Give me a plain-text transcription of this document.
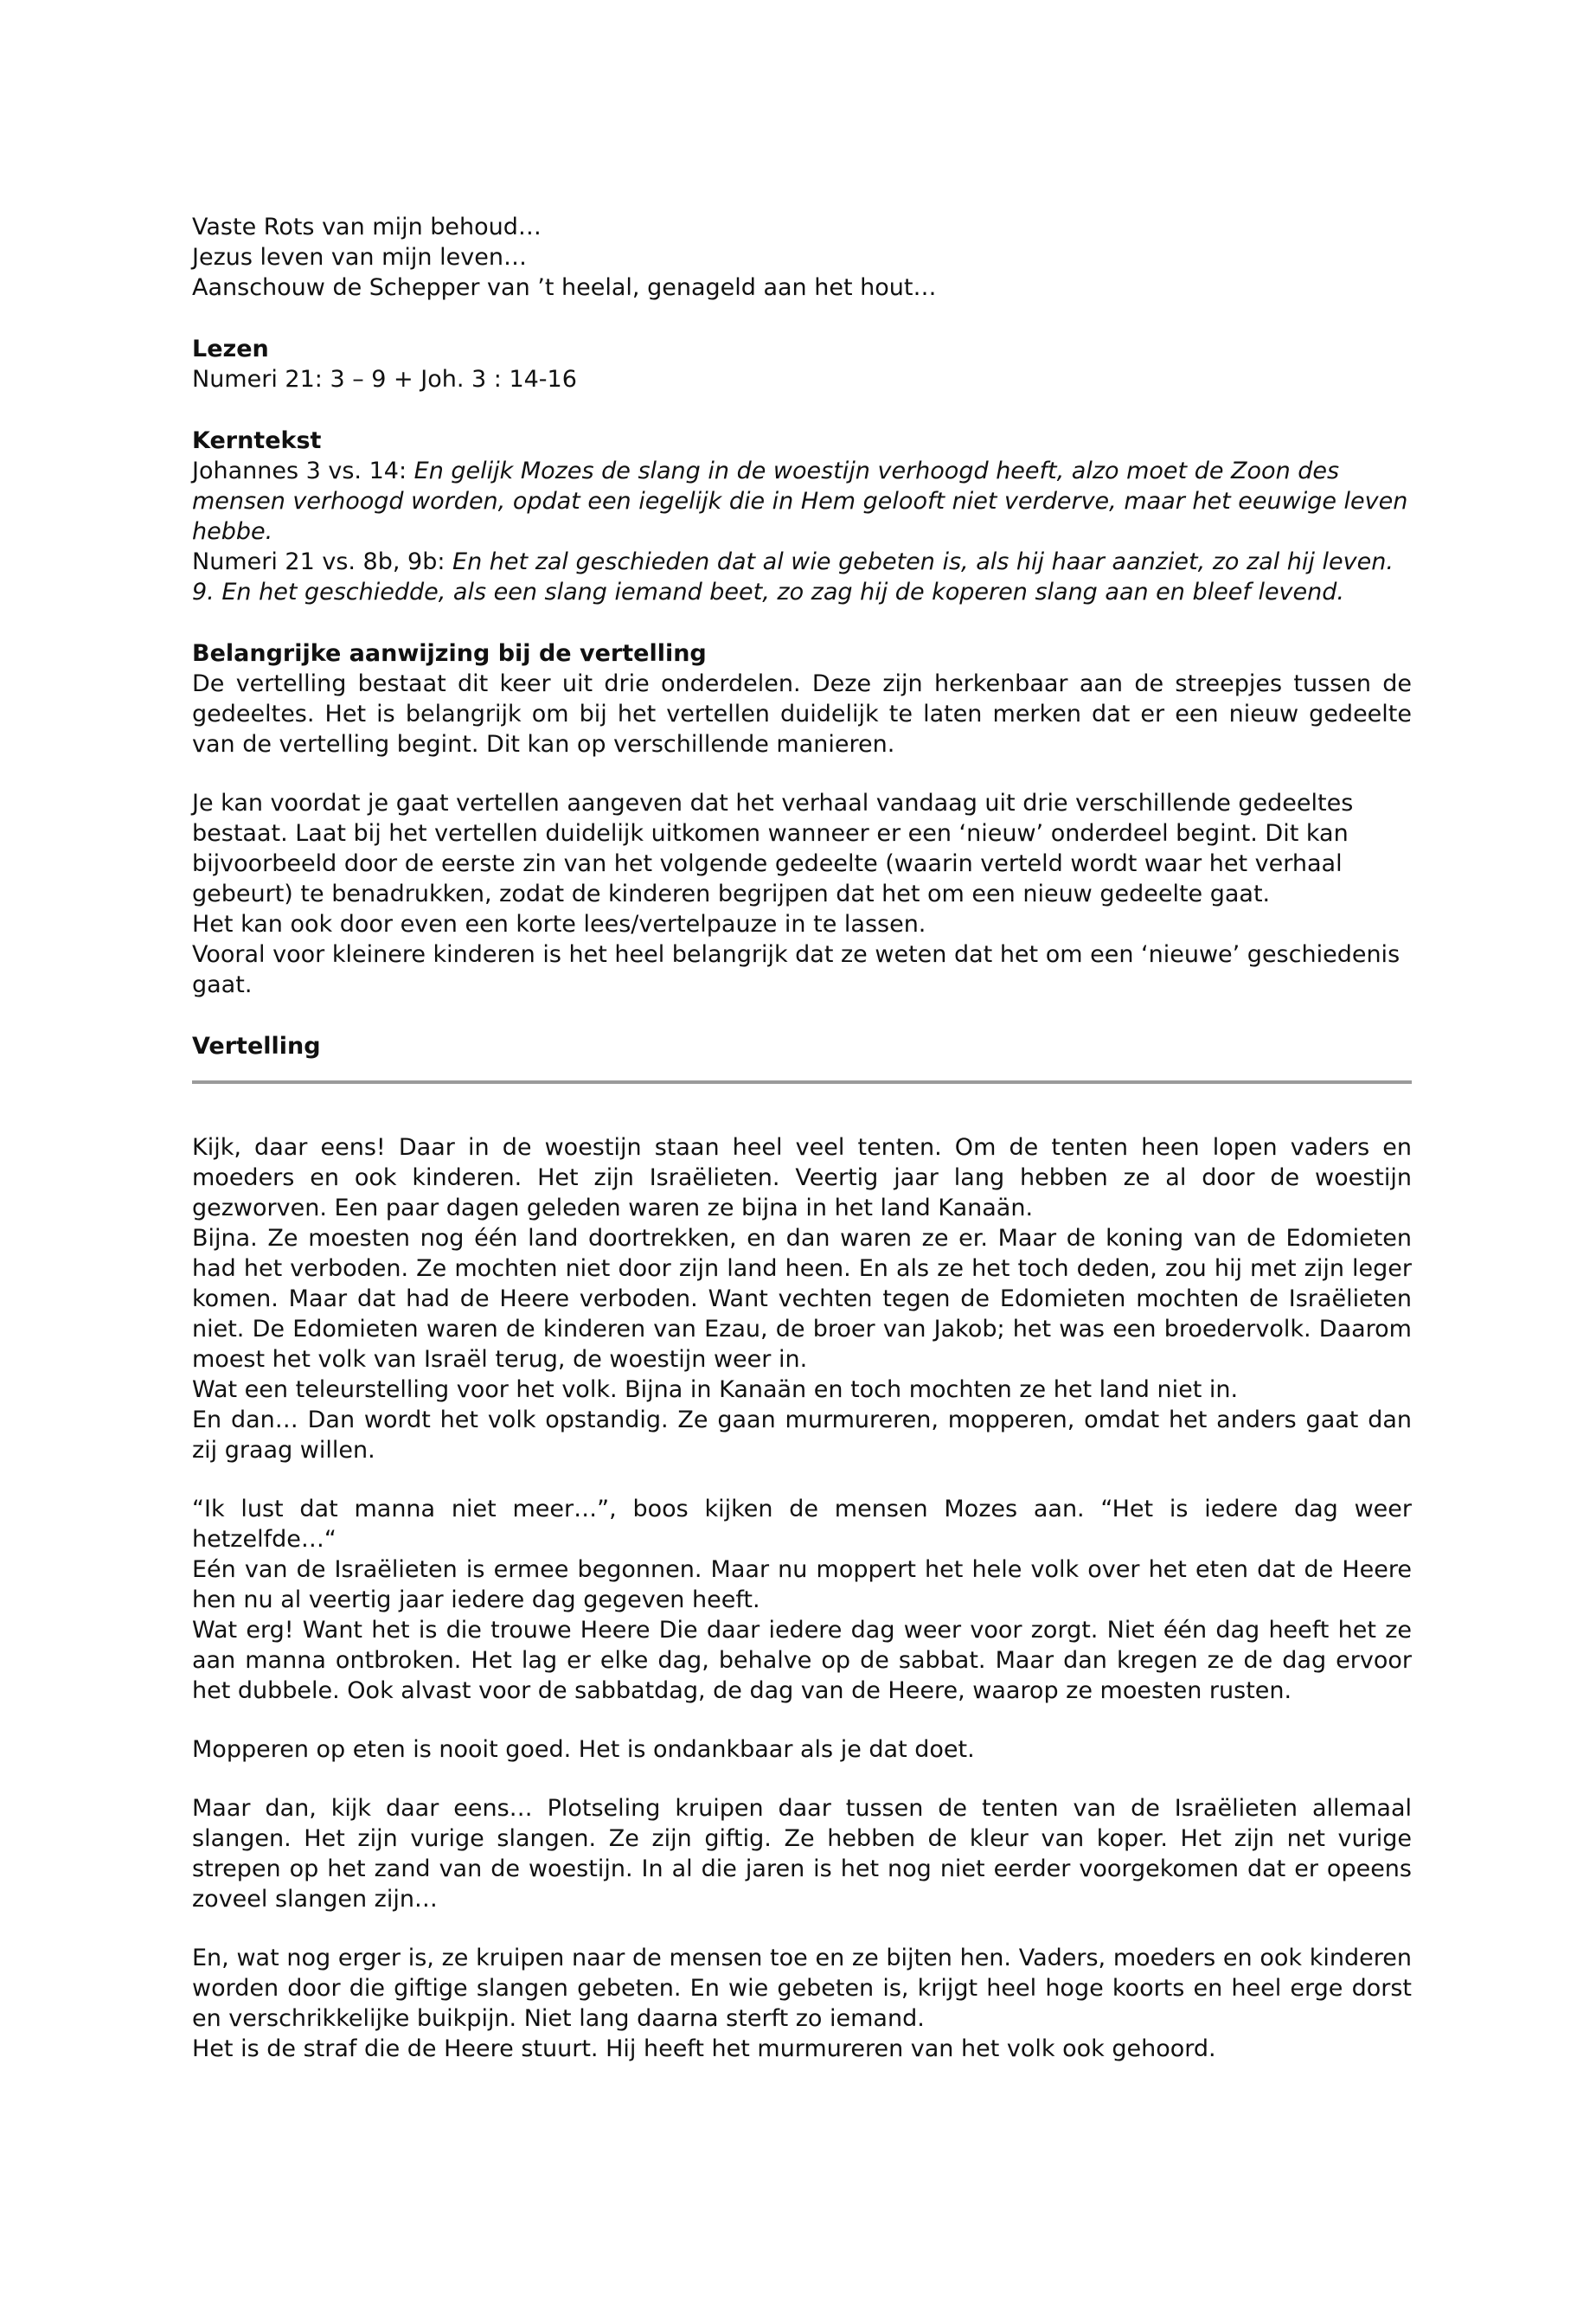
Vaste Rots van mijn behoud…

Jezus leven van mijn leven…

Aanschouw de Schepper van ’t heelal, genageld aan het hout…

Lezen

Numeri 21: 3 – 9 + Joh. 3 : 14-16

Kerntekst

Johannes 3 vs. 14: En gelijk Mozes de slang in de woestijn verhoogd heeft, alzo moet de Zoon des mensen verhoogd worden, opdat een iegelijk die in Hem gelooft niet verderve, maar het eeuwige leven hebbe.

Numeri 21 vs. 8b, 9b: En het zal geschieden dat al wie gebeten is, als hij haar aanziet, zo zal hij leven.

9. En het geschiedde, als een slang iemand beet, zo zag hij de koperen slang aan en bleef levend.

Belangrijke aanwijzing bij de vertelling

De vertelling bestaat dit keer uit drie onderdelen. Deze zijn herkenbaar aan de streepjes tussen de gedeeltes. Het is belangrijk om bij het vertellen duidelijk te laten merken dat er een nieuw gedeelte van de vertelling begint. Dit kan op verschillende manieren.

Je kan voordat je gaat vertellen aangeven dat het verhaal vandaag uit drie verschillende gedeeltes

bestaat. Laat bij het vertellen duidelijk uitkomen wanneer er een ‘nieuw’ onderdeel begint. Dit kan

bijvoorbeeld door de eerste zin van het volgende gedeelte (waarin verteld wordt waar het verhaal

gebeurt) te benadrukken, zodat de kinderen begrijpen dat het om een nieuw gedeelte gaat.

Het kan ook door even een korte lees/vertelpauze in te lassen.

Vooral voor kleinere kinderen is het heel belangrijk dat ze weten dat het om een ‘nieuwe’ geschiedenis gaat.

Vertelling

Kijk, daar eens! Daar in de woestijn staan heel veel tenten. Om de tenten heen lopen vaders en moeders en ook kinderen. Het zijn Israëlieten. Veertig jaar lang hebben ze al door de woestijn gezworven. Een paar dagen geleden waren ze bijna in het land Kanaän.

Bijna. Ze moesten nog één land doortrekken, en dan waren ze er. Maar de koning van de Edomieten had het verboden. Ze mochten niet door zijn land heen. En als ze het toch deden, zou hij met zijn leger komen. Maar dat had de Heere verboden. Want vechten tegen de Edomieten mochten de Israëlieten niet. De Edomieten waren de kinderen van Ezau, de broer van Jakob; het was een broedervolk. Daarom moest het volk van Israël terug, de woestijn weer in.

Wat een teleurstelling voor het volk. Bijna in Kanaän en toch mochten ze het land niet in.

En dan… Dan wordt het volk opstandig. Ze gaan murmureren, mopperen, omdat het anders gaat dan zij graag willen.

“Ik lust dat manna niet meer…”, boos kijken de mensen Mozes aan. “Het is iedere dag weer hetzelfde…“

Eén van de Israëlieten is ermee begonnen. Maar nu moppert het hele volk over het eten dat de Heere hen nu al veertig jaar iedere dag gegeven heeft.

Wat erg! Want het is die trouwe Heere Die daar iedere dag weer voor zorgt. Niet één dag heeft het ze aan manna ontbroken. Het lag er elke dag, behalve op de sabbat. Maar dan kregen ze de dag ervoor het dubbele. Ook alvast voor de sabbatdag, de dag van de Heere, waarop ze moesten rusten.

Mopperen op eten is nooit goed. Het is ondankbaar als je dat doet.

Maar dan, kijk daar eens… Plotseling kruipen daar tussen de tenten van de Israëlieten allemaal slangen. Het zijn vurige slangen. Ze zijn giftig. Ze hebben de kleur van koper. Het zijn net vurige strepen op het zand van de woestijn. In al die jaren is het nog niet eerder voorgekomen dat er opeens zoveel slangen zijn…

En, wat nog erger is, ze kruipen naar de mensen toe en ze bijten hen. Vaders, moeders en ook kinderen worden door die giftige slangen gebeten. En wie gebeten is, krijgt heel hoge koorts en heel erge dorst en verschrikkelijke buikpijn. Niet lang daarna sterft zo iemand.

Het is de straf die de Heere stuurt. Hij heeft het murmureren van het volk ook gehoord.
